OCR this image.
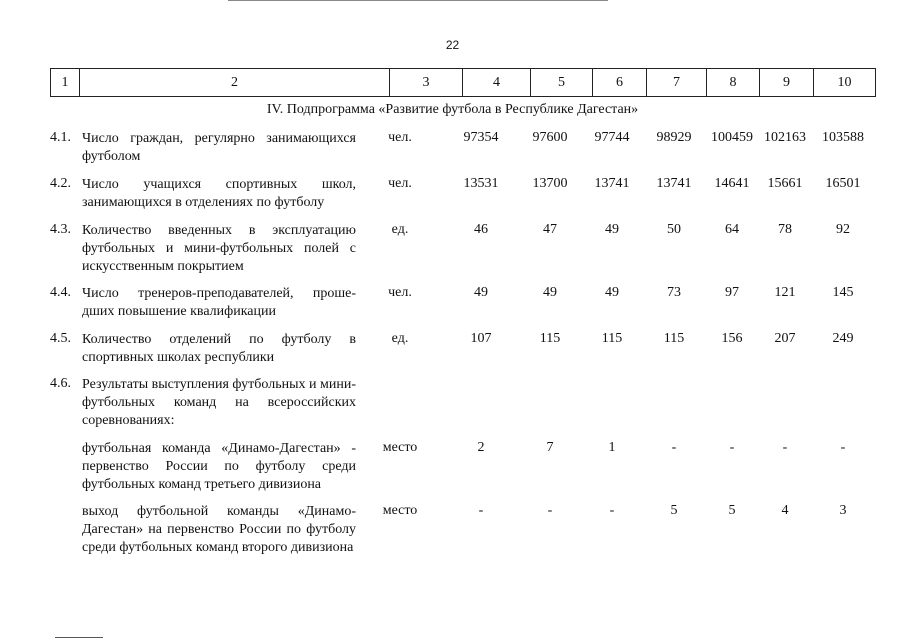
22
1	2	3	4	5	6	7	8	9	10
IV. Подпрограмма «Развитие футбола в Республике Дагестан»
4.1. Число граждан, регулярно занимающихся футболом
чел.	97354	97600	97744	98929	100459 102163	103588
4.2. Число учащихся спортивных школ, занимающихся в отделениях по футболу
чел.	13531	13700	13741	13741	14641	15661	16501
4.3. Количество введенных в эксплуатацию футбольных и мини-футбольных полей с искусственным покрытием
ед.	46	47	49	50	64	78	92
4.4. Число тренеров-преподавателей, проше-дших повышение квалификации
чел.	49	49	49	73	97	121	145
4.5. Количество отделений по футболу в спортивных школах республики
ед.	107	115	115	115	156	207	249
4.6. Результаты выступления футбольных и мини-футбольных команд на всероссийских соревнованиях:
футбольная команда «Динамо-Дагестан» - первенство России по футболу среди футбольных команд третьего дивизиона
место	2	7	1	-	-	-	-
выход футбольной команды «Динамо-Дагестан» на первенство России по футболу среди футбольных команд второго дивизиона
место	-	-	-	5	5	4	3
